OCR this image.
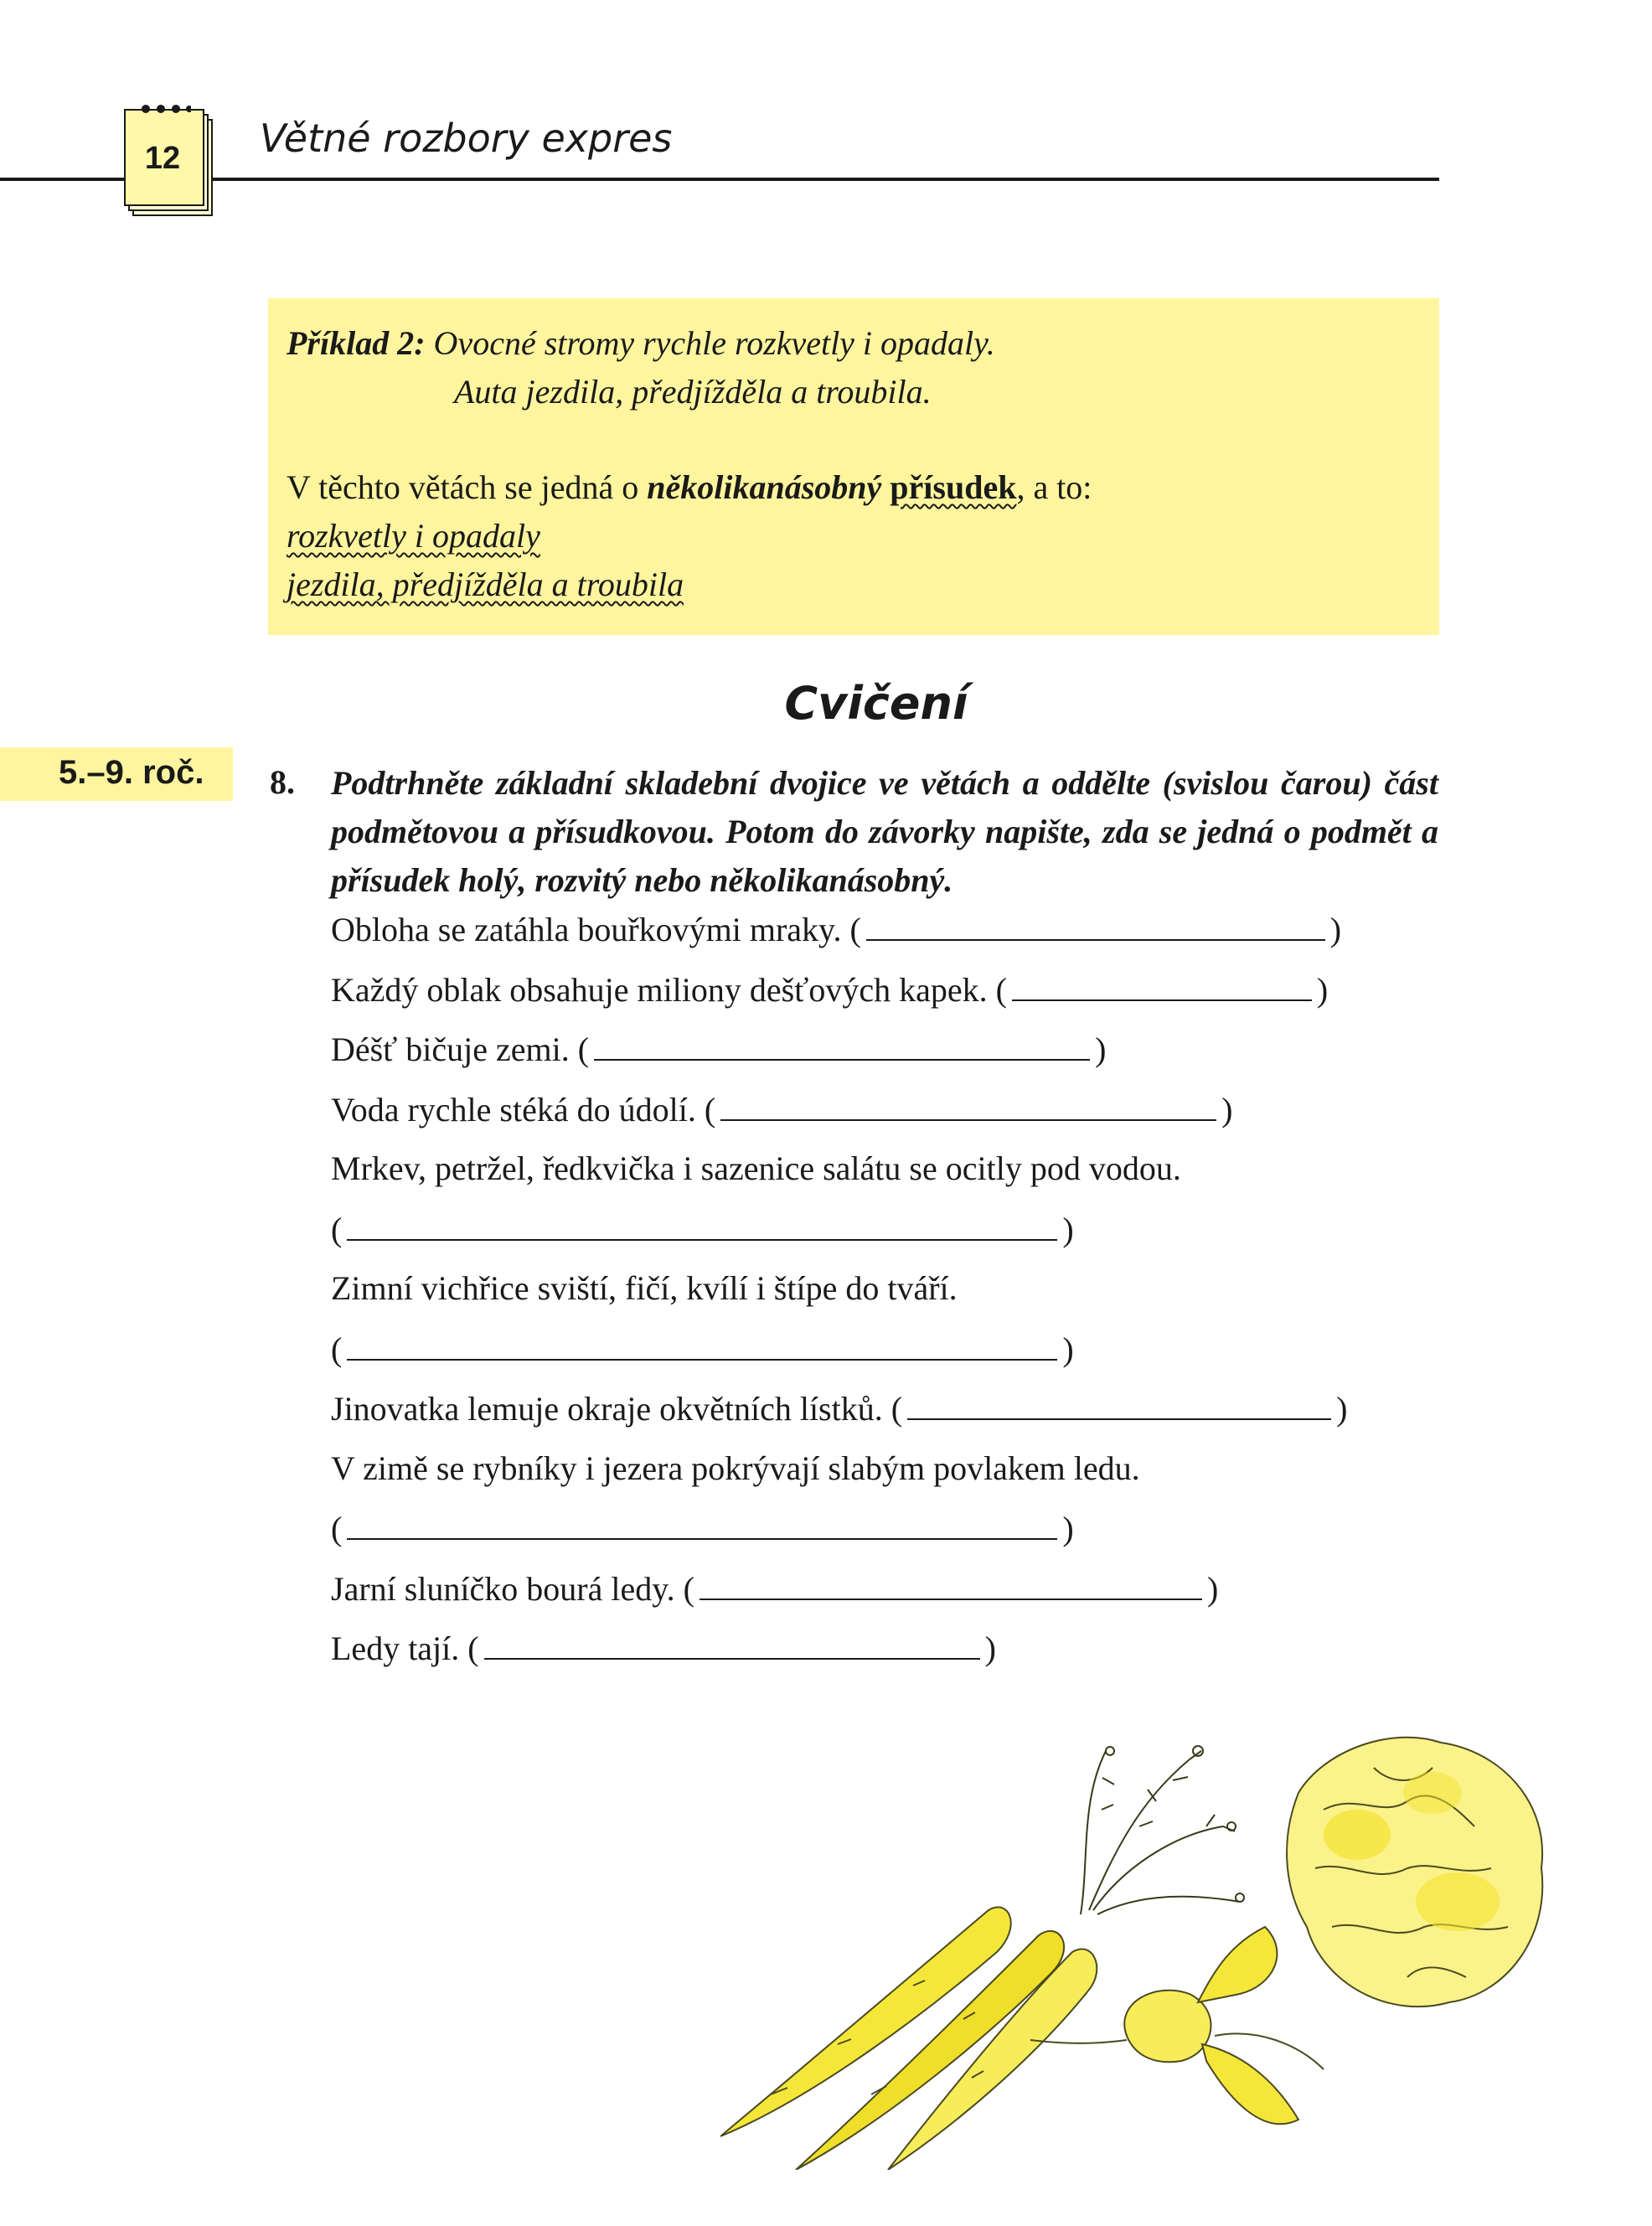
12	Větné rozbory expres
Příklad 2: Ovocné stromy rychle rozkvetly i opadaly.
Auta jezdila, předjížděla a troubila.
V těchto větách se jedná o několikanásobný přísudek, a to:
rozkvetly i opadaly
jezdila, předjížděla a troubila
Cvičení
5.–9. roč. 8. Podtrhněte základní skladební dvojice ve větách a oddělte (svislou čarou) část podmětovou a přísudkovou. Potom do závorky napište, zda se jedná o podmět a přísudek holý, rozvitý nebo několikanásobný.
Obloha se zatáhla bouřkovými mraky. (	)
Každý oblak obsahuje miliony dešťových kapek. (	)
Déšť bičuje zemi. (	)
Voda rychle stéká do údolí. (	)
Mrkev, petržel, ředkvička i sazenice salátu se ocitly pod vodou.
(	)
Zimní vichřice sviští, fičí, kvílí i štípe do tváří.
(	)
Jinovatka lemuje okraje okvětních lístků. (	)
V zimě se rybníky i jezera pokrývají slabým povlakem ledu.
(	)
Jarní sluníčko bourá ledy. (	)
Ledy tají. (	)
